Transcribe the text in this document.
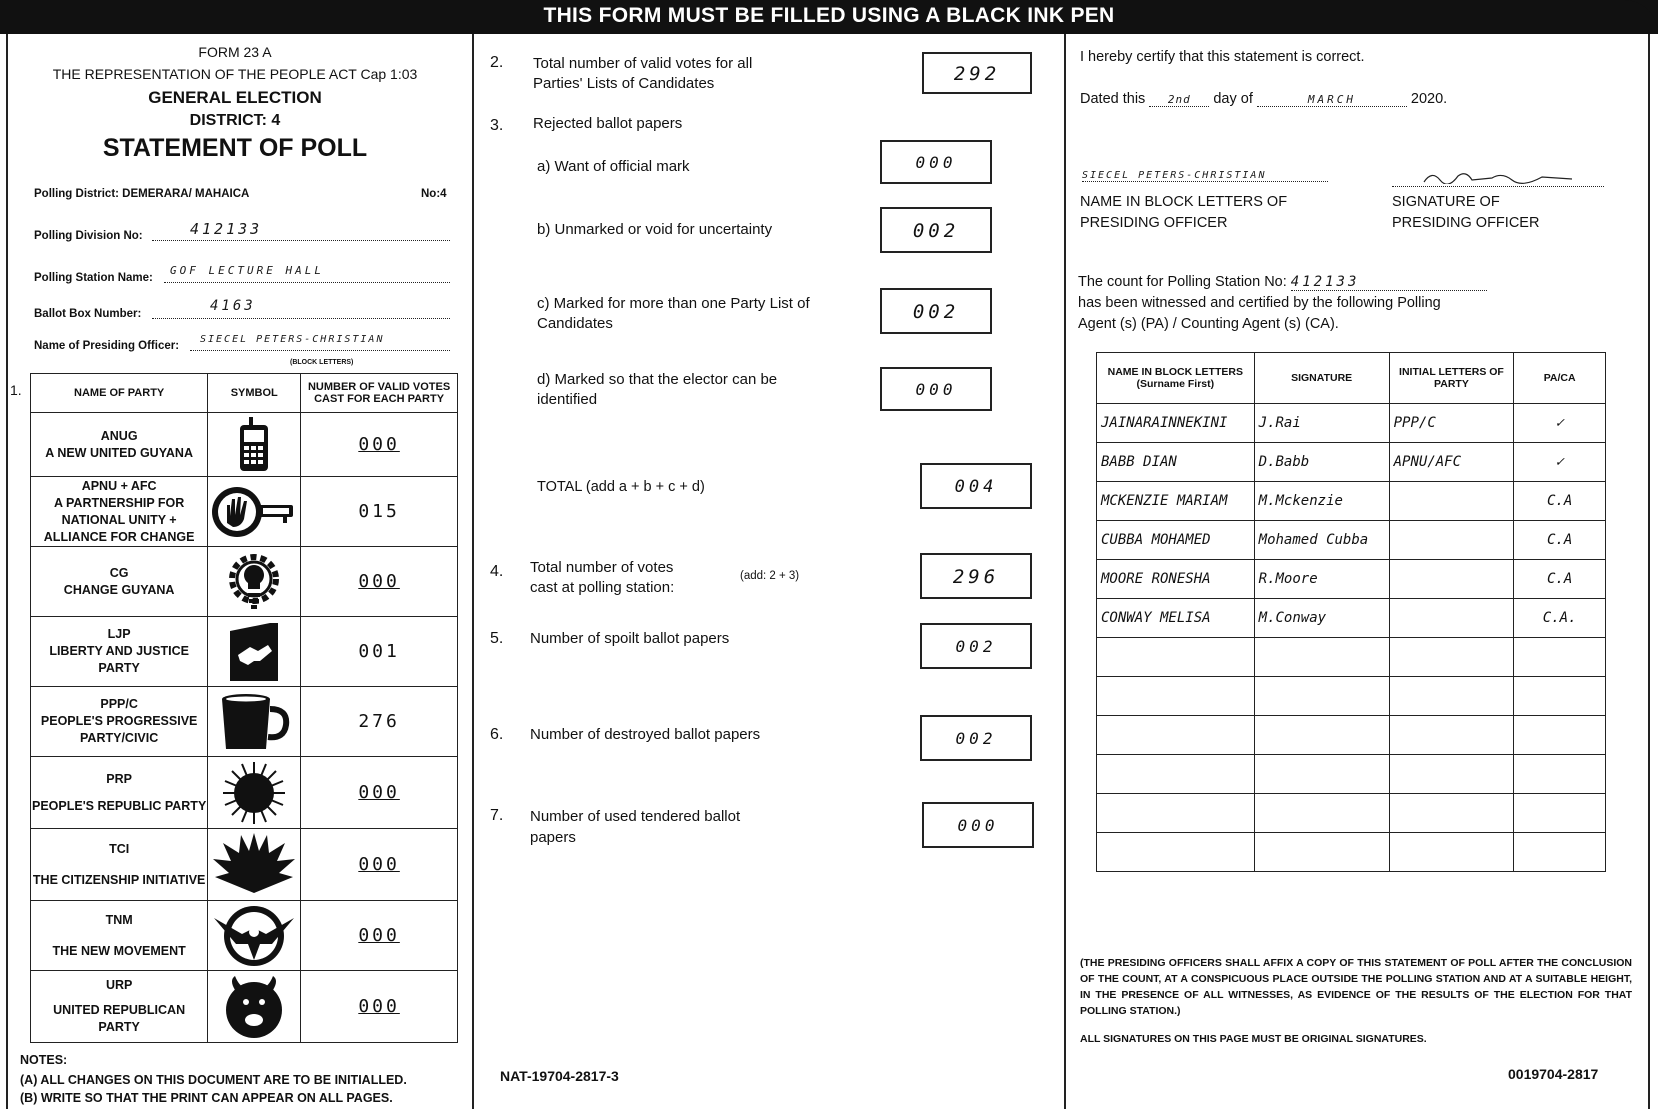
THIS FORM MUST BE FILLED USING A BLACK INK PEN
FORM 23 A
THE REPRESENTATION OF THE PEOPLE ACT Cap 1:03
GENERAL ELECTION
DISTRICT: 4
STATEMENT OF POLL
Polling District: DEMERARA/ MAHAICA	No:4
Polling Division No:	412133
Polling Station Name:
GOF LECTURE HALL
Ballot Box Number:	4163
Name of Presiding Officer:
SIECEL PETERS-CHRISTIAN
(BLOCK LETTERS)
1.	NAME OF PARTY	SYMBOL	NUMBER OF VALID VOTES CAST FOR EACH PARTY

ANUG
A NEW UNITED GUYANA		000

APNU + AFC
A PARTNERSHIP FOR NATIONAL UNITY + ALLIANCE FOR CHANGE		015

CG
CHANGE GUYANA		000

LJP
LIBERTY AND JUSTICE PARTY		001

PPP/C
PEOPLE'S PROGRESSIVE PARTY/CIVIC		276

PRP
PEOPLE'S REPUBLIC PARTY		000

TCI
THE CITIZENSHIP INITIATIVE		000

TNM
THE NEW MOVEMENT		000

URP
UNITED REPUBLICAN PARTY		000
NOTES:
(A) ALL CHANGES ON THIS DOCUMENT ARE TO BE INITIALLED.
(B) WRITE SO THAT THE PRINT CAN APPEAR ON ALL PAGES.
2. Total number of valid votes for all Parties' Lists of Candidates	292
3. Rejected ballot papers
a) Want of official mark	000
b) Unmarked or void for uncertainty	002
c) Marked for more than one Party List of Candidates
002
d) Marked so that the elector can be identified
000
TOTAL (add a + b + c + d)	004
4. Total number of votes cast at polling station:
(add: 2 + 3)	296
5. Number of spoilt ballot papers	002
6. Number of destroyed ballot papers	002
7. Number of used tendered ballot papers
000
NAT-19704-2817-3
I hereby certify that this statement is correct.
Dated this 2nd day of	MARCH	2020.
SIECEL PETERS-CHRISTIAN
NAME IN BLOCK LETTERS OF
PRESIDING OFFICER
SIGNATURE OF
PRESIDING OFFICER
The count for Polling Station No: 412133
has been witnessed and certified by the following Polling
Agent (s) (PA) / Counting Agent (s) (CA).
NAME IN BLOCK LETTERS (Surname First)	SIGNATURE	INITIAL LETTERS OF PARTY	PA/CA
JAINARAINNEKINI	J.Rai	PPP/C	✓
BABB DIAN	D.Babb	APNU/AFC	✓
MCKENZIE MARIAM	M.Mckenzie		C.A
CUBBA MOHAMED	Mohamed Cubba		C.A
MOORE RONESHA	R.Moore		C.A
CONWAY MELISA	M.Conway		C.A.

(THE PRESIDING OFFICERS SHALL AFFIX A COPY OF THIS STATEMENT OF POLL AFTER THE CONCLUSION OF THE COUNT, AT A CONSPICUOUS PLACE OUTSIDE THE POLLING STATION AND AT A SUITABLE HEIGHT, IN THE PRESENCE OF ALL WITNESSES, AS EVIDENCE OF THE RESULTS OF THE ELECTION FOR THAT POLLING STATION.)
ALL SIGNATURES ON THIS PAGE MUST BE ORIGINAL SIGNATURES.
0019704-2817
